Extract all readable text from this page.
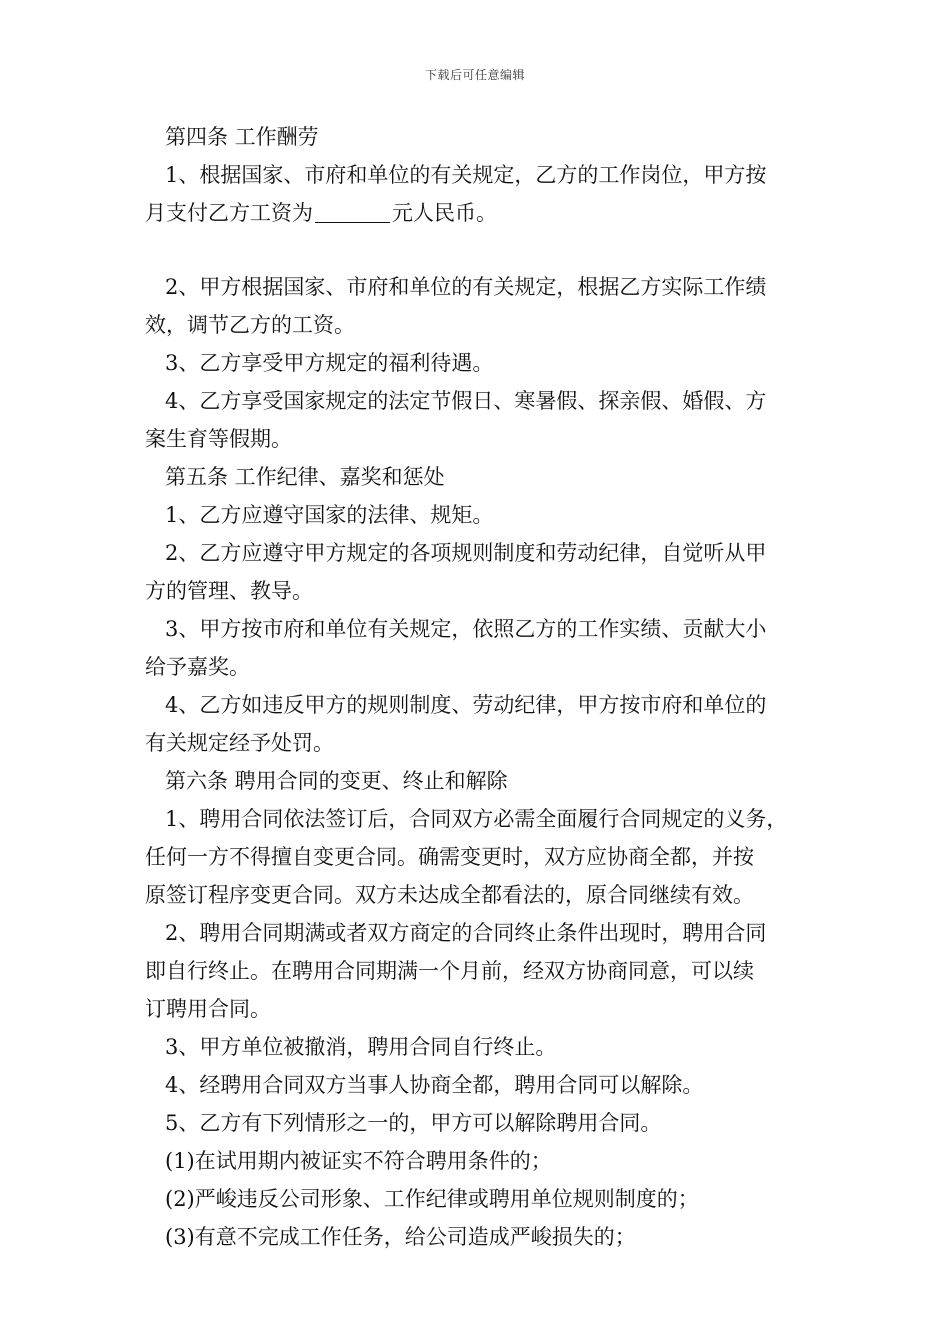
下载后可任意编辑
第四条 工作酬劳
1、根据国家、市府和单位的有关规定，乙方的工作岗位，甲方按
月支付乙方工资为	元人民币。
2、甲方根据国家、市府和单位的有关规定，根据乙方实际工作绩
效，调节乙方的工资。
3、乙方享受甲方规定的福利待遇。
4、乙方享受国家规定的法定节假日、寒暑假、探亲假、婚假、方
案生育等假期。
第五条 工作纪律、嘉奖和惩处
1、乙方应遵守国家的法律、规矩。
2、乙方应遵守甲方规定的各项规则制度和劳动纪律，自觉听从甲
方的管理、教导。
3、甲方按市府和单位有关规定，依照乙方的工作实绩、贡献大小
给予嘉奖。
4、乙方如违反甲方的规则制度、劳动纪律，甲方按市府和单位的
有关规定经予处罚。
第六条 聘用合同的变更、终止和解除
1、聘用合同依法签订后，合同双方必需全面履行合同规定的义务，
任何一方不得擅自变更合同。确需变更时，双方应协商全都，并按
原签订程序变更合同。双方未达成全都看法的，原合同继续有效。
2、聘用合同期满或者双方商定的合同终止条件出现时，聘用合同
即自行终止。在聘用合同期满一个月前，经双方协商同意，可以续
订聘用合同。
3、甲方单位被撤消，聘用合同自行终止。
4、经聘用合同双方当事人协商全都，聘用合同可以解除。
5、乙方有下列情形之一的，甲方可以解除聘用合同。
(1)在试用期内被证实不符合聘用条件的；
(2)严峻违反公司形象、工作纪律或聘用单位规则制度的；
(3)有意不完成工作任务，给公司造成严峻损失的；
